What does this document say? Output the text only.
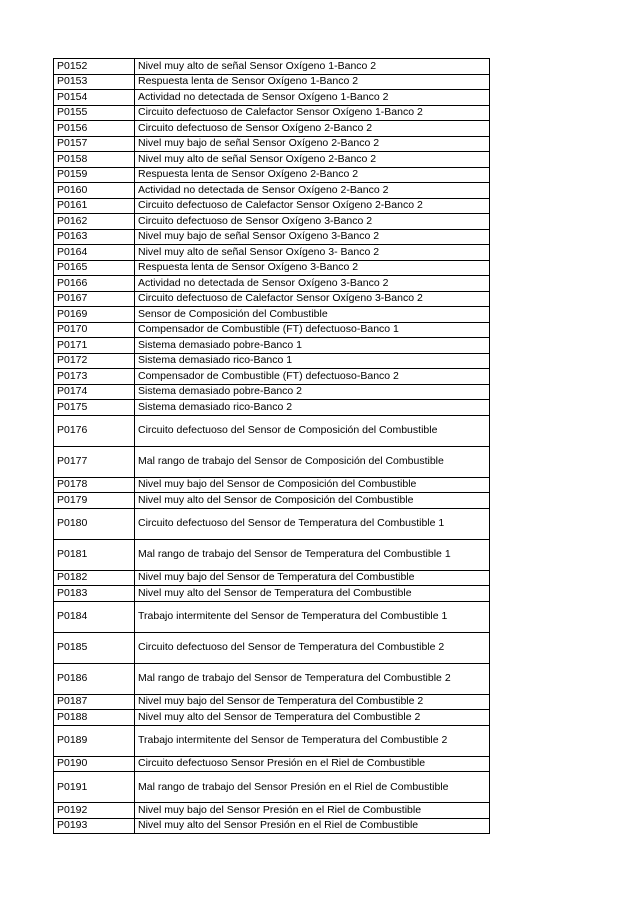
P0152	Nivel muy alto de señal Sensor Oxígeno 1-Banco 2
P0153	Respuesta lenta de Sensor Oxígeno 1-Banco 2
P0154	Actividad no detectada de Sensor Oxígeno 1-Banco 2
P0155	Circuito defectuoso de Calefactor Sensor Oxígeno 1-Banco 2
P0156	Circuito defectuoso de Sensor Oxígeno 2-Banco 2
P0157	Nivel muy bajo de señal Sensor Oxígeno 2-Banco 2
P0158	Nivel muy alto de señal Sensor Oxígeno 2-Banco 2
P0159	Respuesta lenta de Sensor Oxígeno 2-Banco 2
P0160	Actividad no detectada de Sensor Oxígeno 2-Banco 2
P0161	Circuito defectuoso de Calefactor Sensor Oxígeno 2-Banco 2
P0162	Circuito defectuoso de Sensor Oxígeno 3-Banco 2
P0163	Nivel muy bajo de señal Sensor Oxígeno 3-Banco 2
P0164	Nivel muy alto de señal Sensor Oxígeno 3- Banco 2
P0165	Respuesta lenta de Sensor Oxígeno 3-Banco 2
P0166	Actividad no detectada de Sensor Oxígeno 3-Banco 2
P0167	Circuito defectuoso de Calefactor Sensor Oxígeno 3-Banco 2
P0169	Sensor de Composición del Combustible
P0170	Compensador de Combustible (FT) defectuoso-Banco 1
P0171	Sistema demasiado pobre-Banco 1
P0172	Sistema demasiado rico-Banco 1
P0173	Compensador de Combustible (FT) defectuoso-Banco 2
P0174	Sistema demasiado pobre-Banco 2
P0175	Sistema demasiado rico-Banco 2
P0176	Circuito defectuoso del Sensor de Composición del Combustible
P0177	Mal rango de trabajo del Sensor de Composición del Combustible
P0178	Nivel muy bajo del Sensor de Composición del Combustible
P0179	Nivel muy alto del Sensor de Composición del Combustible
P0180	Circuito defectuoso del Sensor de Temperatura del Combustible 1
P0181	Mal rango de trabajo del Sensor de Temperatura del Combustible 1
P0182	Nivel muy bajo del Sensor de Temperatura del Combustible
P0183	Nivel muy alto del Sensor de Temperatura del Combustible
P0184	Trabajo intermitente del Sensor de Temperatura del Combustible 1
P0185	Circuito defectuoso del Sensor de Temperatura del Combustible 2
P0186	Mal rango de trabajo del Sensor de Temperatura del Combustible 2
P0187	Nivel muy bajo del Sensor de Temperatura del Combustible 2
P0188	Nivel muy alto del Sensor de Temperatura del Combustible 2
P0189	Trabajo intermitente del Sensor de Temperatura del Combustible 2
P0190	Circuito defectuoso Sensor Presión en el Riel de Combustible
P0191	Mal rango de trabajo del Sensor Presión en el Riel de Combustible
P0192	Nivel muy bajo del Sensor Presión en el Riel de Combustible
P0193	Nivel muy alto del Sensor Presión en el Riel de Combustible
